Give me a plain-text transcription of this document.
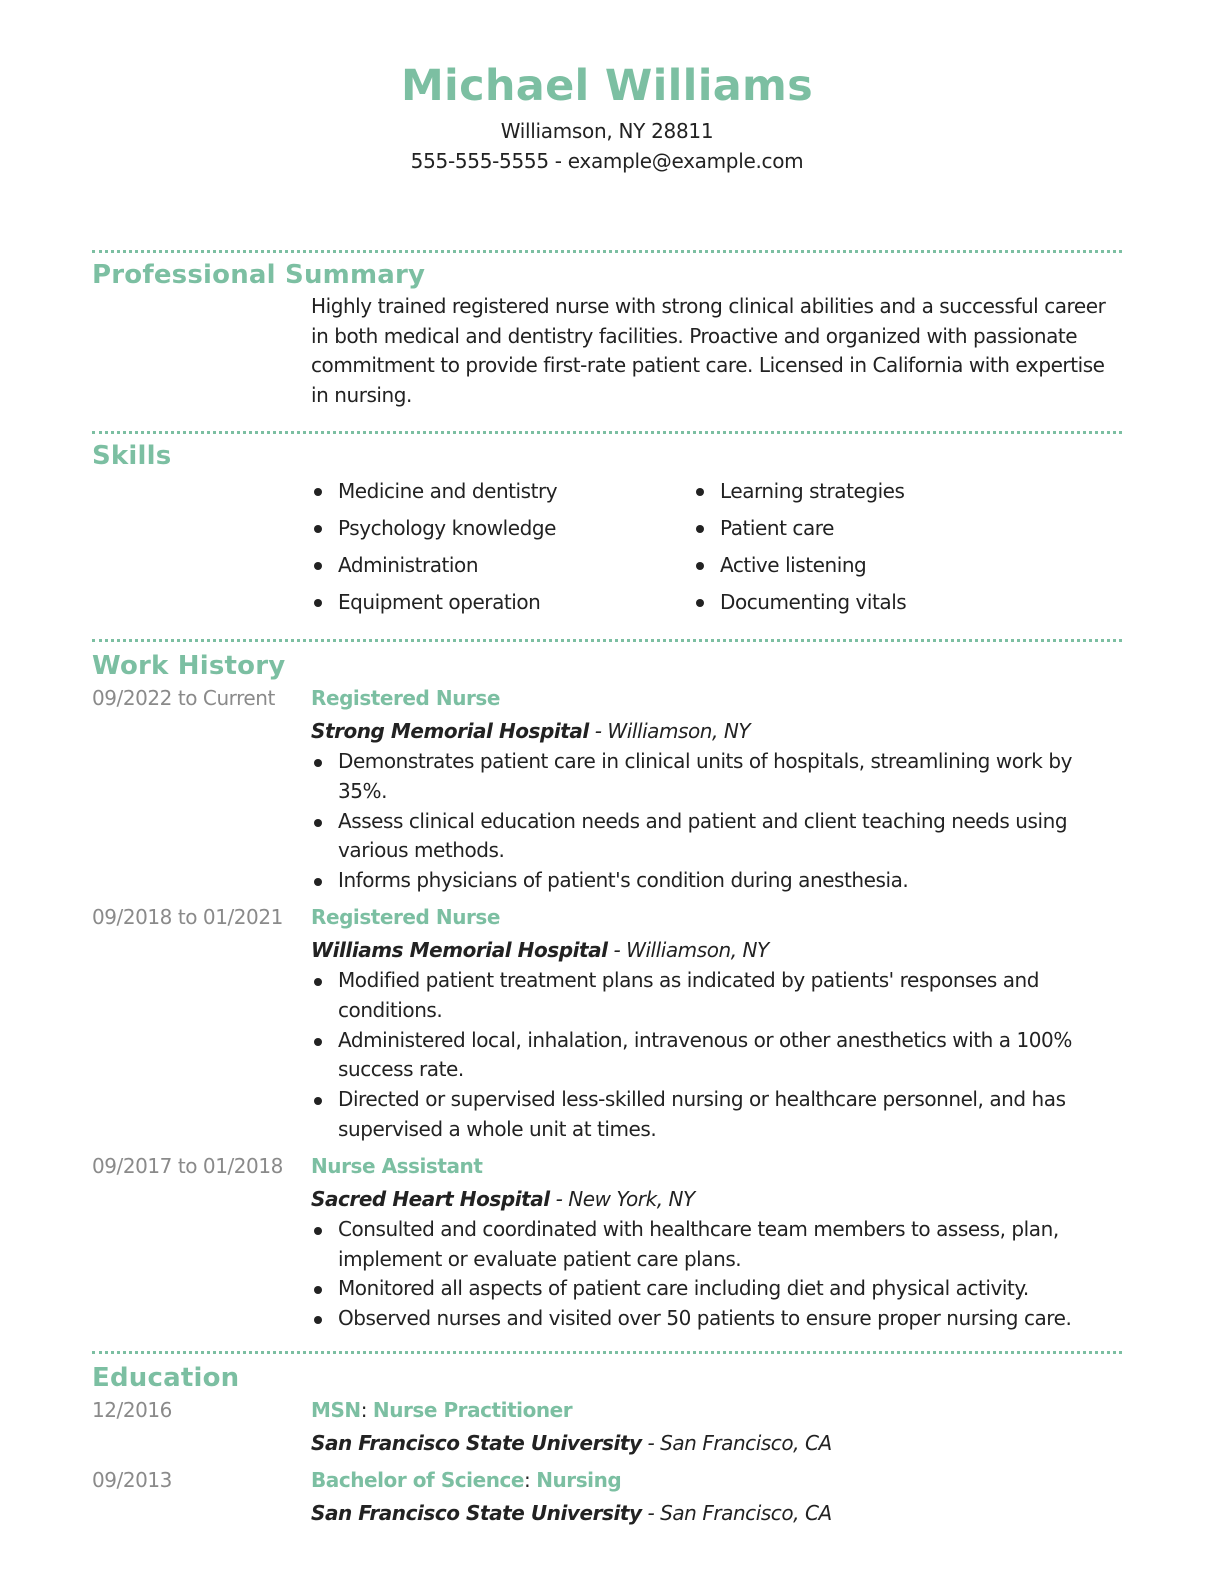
Michael Williams
Williamson, NY 28811
555-555-5555 - example@example.com
Professional Summary

Highly trained registered nurse with strong clinical abilities and a successful career in both medical and dentistry facilities. Proactive and organized with passionate commitment to provide first-rate patient care. Licensed in California with expertise in nursing.

Skills
Medicine and dentistry
Psychology knowledge
Administration
Equipment operation
Learning strategies
Patient care
Active listening
Documenting vitals
Work History
09/2022 to Current	Registered Nurse
Strong Memorial Hospital - Williamson, NY
Demonstrates patient care in clinical units of hospitals, streamlining work by 35%.
Assess clinical education needs and patient and client teaching needs using various methods.
Informs physicians of patient's condition during anesthesia.
09/2018 to 01/2021	Registered Nurse
Williams Memorial Hospital - Williamson, NY
Modified patient treatment plans as indicated by patients' responses and conditions.
Administered local, inhalation, intravenous or other anesthetics with a 100% success rate.
Directed or supervised less-skilled nursing or healthcare personnel, and has supervised a whole unit at times.
09/2017 to 01/2018	Nurse Assistant
Sacred Heart Hospital - New York, NY
Consulted and coordinated with healthcare team members to assess, plan, implement or evaluate patient care plans.
Monitored all aspects of patient care including diet and physical activity.
Observed nurses and visited over 50 patients to ensure proper nursing care.
Education
12/2016	MSN: Nurse Practitioner
San Francisco State University - San Francisco, CA
09/2013	Bachelor of Science: Nursing
San Francisco State University - San Francisco, CA
